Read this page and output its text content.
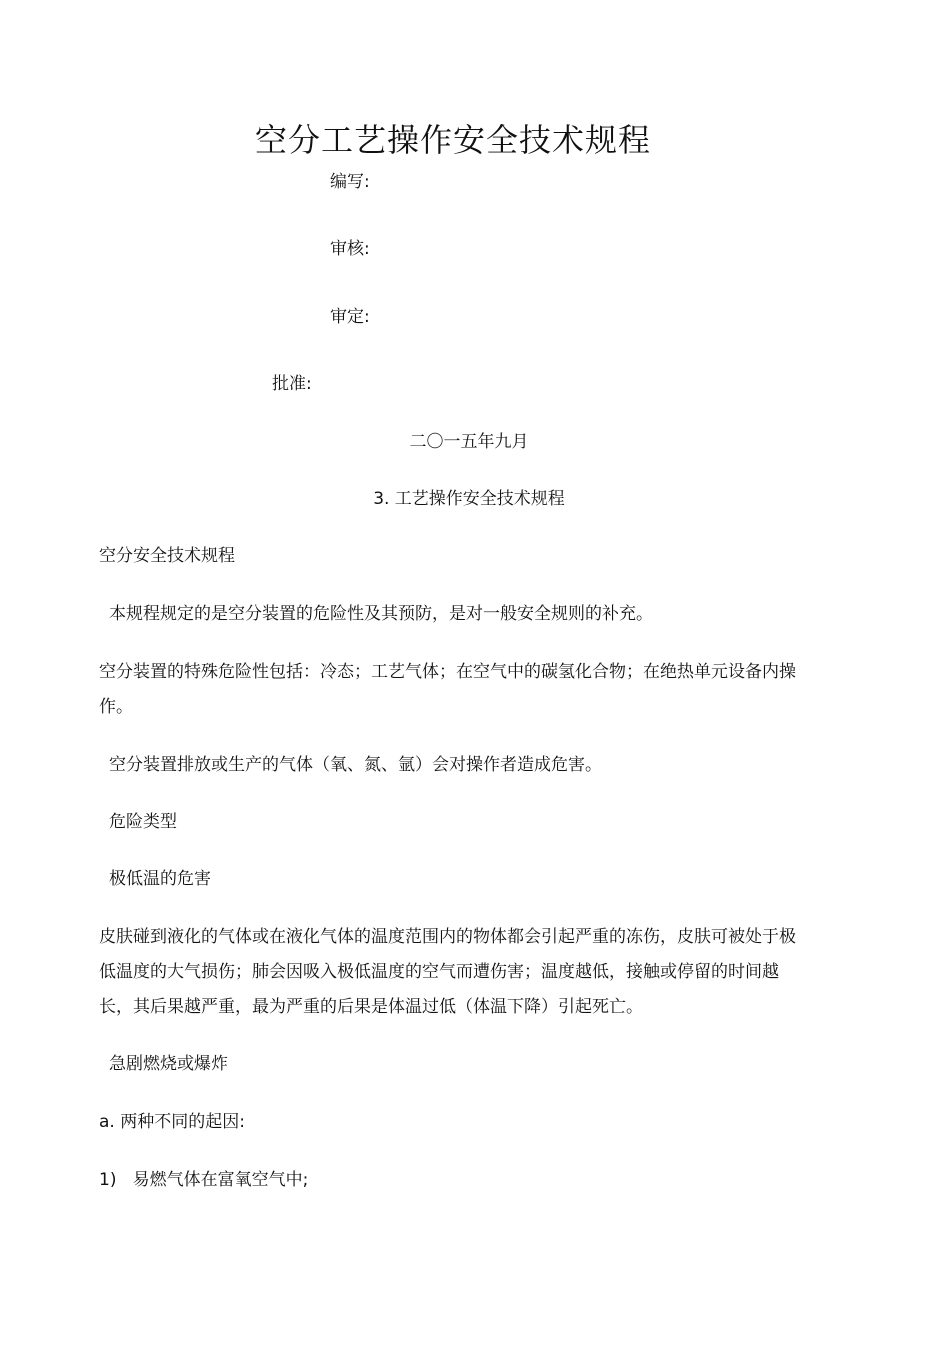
空分工艺操作安全技术规程
编写:
审核:
审定:
批准:
二〇一五年九月
3. 工艺操作安全技术规程
空分安全技术规程
本规程规定的是空分装置的危险性及其预防，是对一般安全规则的补充。
空分装置的特殊危险性包括：冷态；工艺气体；在空气中的碳氢化合物；在绝热单元设备内操作。
空分装置排放或生产的气体（氧、氮、氩）会对操作者造成危害。
危险类型
极低温的危害
皮肤碰到液化的气体或在液化气体的温度范围内的物体都会引起严重的冻伤，皮肤可被处于极低温度的大气损伤；肺会因吸入极低温度的空气而遭伤害；温度越低，接触或停留的时间越长，其后果越严重，最为严重的后果是体温过低（体温下降）引起死亡。
急剧燃烧或爆炸
a. 两种不同的起因:
1)   易燃气体在富氧空气中;
